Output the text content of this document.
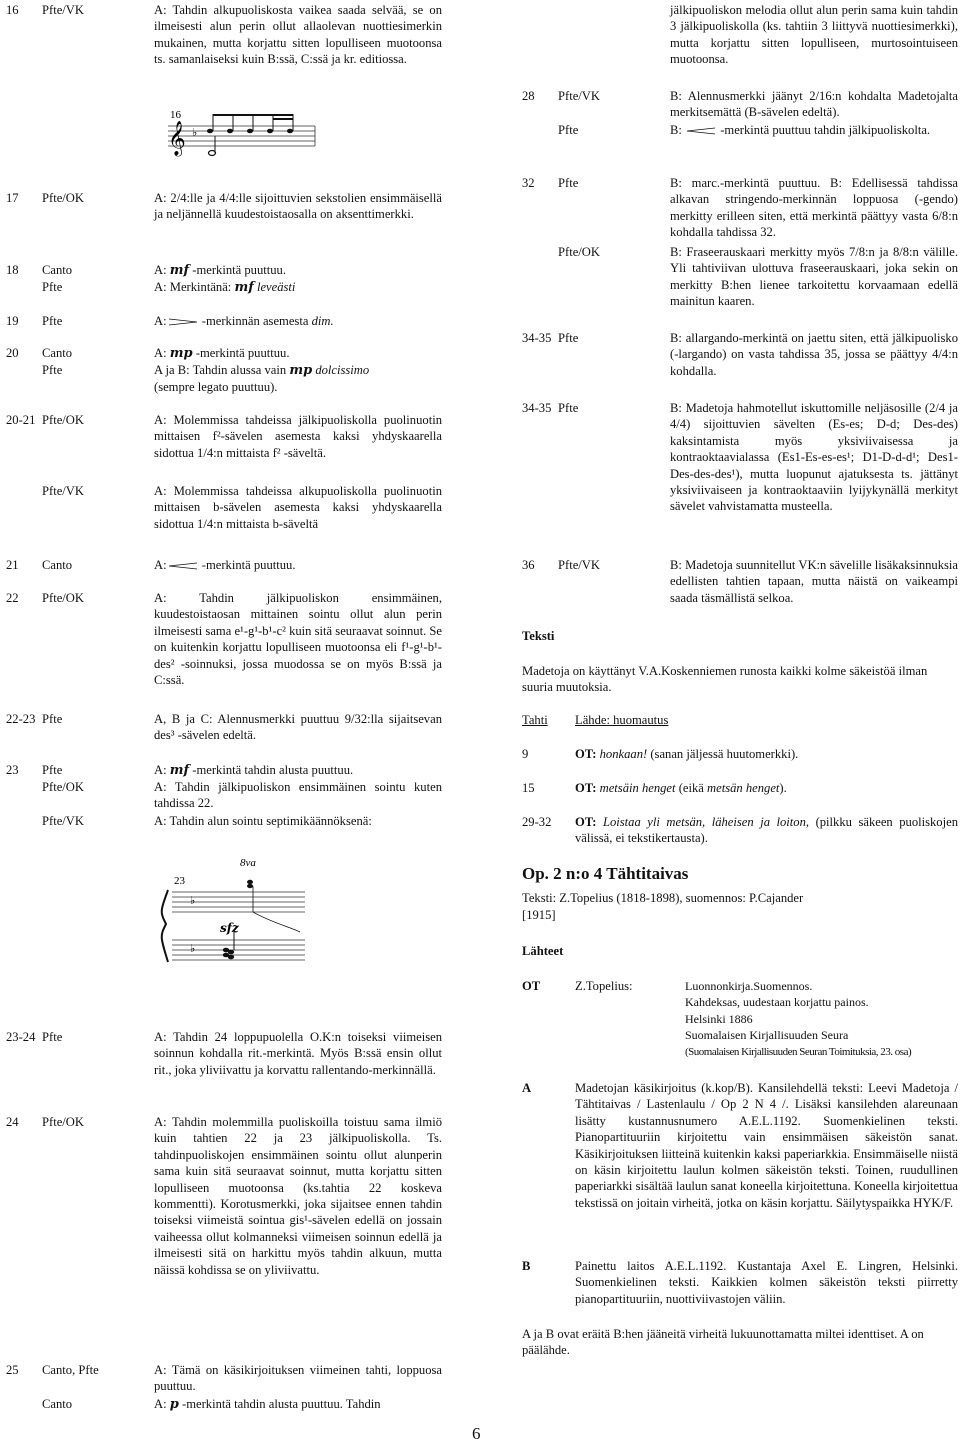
16	Pfte/VK	A: Tahdin alkupuoliskosta vaikea saada selvää, se on ilmeisesti alun perin ollut allaolevan nuottiesimerkin mukainen, mutta korjattu sitten lopulliseen muotoonsa ts. samanlaiseksi kuin B:ssä, C:ssä ja kr. editiossa.
16
𝄞 ♭
17	Pfte/OK	A: 2/4:lle ja 4/4:lle sijoittuvien sekstolien ensimmäisellä ja neljännellä kuudestoistaosalla on aksenttimerkki.
18	Canto	A: mf -merkintä puuttuu.
Pfte	A: Merkintänä: mf leveästi
19	Pfte	A:	-merkinnän asemesta dim.
20	Canto	A: mp -merkintä puuttuu.
Pfte	A ja B: Tahdin alussa vain mp dolcissimo
(sempre legato puuttuu).
20-21 Pfte/OK	A: Molemmissa tahdeissa jälkipuoliskolla puolinuotin mittaisen f²-sävelen asemesta kaksi yhdyskaarella sidottua 1/4:n mittaista f² -säveltä.
Pfte/VK	A: Molemmissa tahdeissa alkupuoliskolla puolinuotin mittaisen b-sävelen asemesta kaksi yhdyskaarella sidottua 1/4:n mittaista b-säveltä
21	Canto	A:	-merkintä puuttuu.
22	Pfte/OK	A: Tahdin jälkipuoliskon ensimmäinen, kuudestoistaosan mittainen sointu ollut alun perin ilmeisesti sama e¹-g¹-b¹-c² kuin sitä seuraavat soinnut. Se on kuitenkin korjattu lopulliseen muotoonsa eli f¹-g¹-b¹-des² -soinnuksi, jossa muodossa se on myös B:ssä ja C:ssä.
22-23 Pfte	A, B ja C: Alennusmerkki puuttuu 9/32:lla sijaitsevan des³ -sävelen edeltä.
23	Pfte	A: mf -merkintä tahdin alusta puuttuu.
Pfte/OK	A: Tahdin jälkipuoliskon ensimmäinen sointu kuten tahdissa 22.
Pfte/VK	A: Tahdin alun sointu septimikäännöksenä:
23
8va
♭
♭
sfz
23-24 Pfte	A: Tahdin 24 loppupuolella O.K:n toiseksi viimeisen soinnun kohdalla rit.-merkintä. Myös B:ssä ensin ollut rit., joka yliviivattu ja korvattu rallentando-merkinnällä.
24	Pfte/OK	A: Tahdin molemmilla puoliskoilla toistuu sama ilmiö kuin tahtien 22 ja 23 jälkipuoliskolla. Ts. tahdinpuoliskojen ensimmäinen sointu ollut alunperin sama kuin sitä seuraavat soinnut, mutta korjattu sitten lopulliseen muotoonsa (ks.tahtia 22 koskeva kommentti). Korotusmerkki, joka sijaitsee ennen tahdin toiseksi viimeistä sointua gis¹-sävelen edellä on jossain vaiheessa ollut kolmanneksi viimeisen soinnun edellä ja ilmeisesti sitä on harkittu myös tahdin alkuun, mutta näissä kohdissa se on yliviivattu.
25	Canto, Pfte	A: Tämä on käsikirjoituksen viimeinen tahti, loppuosa puuttuu.
Canto	A: p -merkintä tahdin alusta puuttuu. Tahdin
jälkipuoliskon melodia ollut alun perin sama kuin tahdin 3 jälkipuoliskolla (ks. tahtiin 3 liittyvä nuottiesimerkki), mutta korjattu sitten lopulliseen, murtosointuiseen muotoonsa.
28	Pfte/VK	B: Alennusmerkki jäänyt 2/16:n kohdalta Madetojalta merkitsemättä (B-sävelen edeltä).
Pfte	B:	-merkintä puuttuu tahdin jälkipuoliskolta.
32	Pfte	B: marc.-merkintä puuttuu. B: Edellisessä tahdissa alkavan stringendo-merkinnän loppuosa (-gendo) merkitty erilleen siten, että merkintä päättyy vasta 6/8:n kohdalla tahdissa 32.
Pfte/OK	B: Fraseerauskaari merkitty myös 7/8:n ja 8/8:n välille. Yli tahtiviivan ulottuva fraseerauskaari, joka sekin on merkitty B:hen lienee tarkoitettu korvaamaan edellä mainitun kaaren.
34-35 Pfte	B: allargando-merkintä on jaettu siten, että jälkipuolisko (-largando) on vasta tahdissa 35, jossa se päättyy 4/4:n kohdalla.
34-35 Pfte	B: Madetoja hahmotellut iskuttomille neljäsosille (2/4 ja 4/4) sijoittuvien sävelten (Es-es; D-d; Des-des) kaksintamista myös yksiviivaisessa ja kontraoktaavialassa (Es1-Es-es-es¹; D1-D-d-d¹; Des1-Des-des-des¹), mutta luopunut ajatuksesta ts. jättänyt yksiviivaiseen ja kontraoktaaviin lyijykynällä merkityt sävelet vahvistamatta musteella.
36	Pfte/VK	B: Madetoja suunnitellut VK:n sävelille lisäkaksinnuksia edellisten tahtien tapaan, mutta näistä on vaikeampi saada täsmällistä selkoa.
Teksti
Madetoja on käyttänyt V.A.Koskenniemen runosta kaikki kolme säkeistöä ilman suuria muutoksia.
Tahti	Lähde: huomautus
9	OT: honkaan! (sanan jäljessä huutomerkki).
15	OT: metsäin henget (eikä metsän henget).
29-32	OT: Loistaa yli metsän, läheisen ja loiton, (pilkku säkeen puoliskojen välissä, ei tekstikertausta).
Op. 2 n:o 4 Tähtitaivas
Teksti: Z.Topelius (1818-1898), suomennos: P.Cajander
[1915]
Lähteet
OT	Z.Topelius:	Luonnonkirja.Suomennos.
Kahdeksas, uudestaan korjattu painos.
Helsinki 1886
Suomalaisen Kirjallisuuden Seura
(Suomalaisen Kirjallisuuden Seuran Toimituksia, 23. osa)
A	Madetojan käsikirjoitus (k.kop/B). Kansilehdellä teksti: Leevi Madetoja / Tähtitaivas / Lastenlaulu / Op 2 N 4 /. Lisäksi kansilehden alareunaan lisätty kustannusnumero A.E.L.1192. Suomenkielinen teksti. Pianopartituuriin kirjoitettu vain ensimmäisen säkeistön sanat. Käsikirjoituksen liitteinä kuitenkin kaksi paperiarkkia. Ensimmäiselle niistä on käsin kirjoitettu laulun kolmen säkeistön teksti. Toinen, ruudullinen paperiarkki sisältää laulun sanat koneella kirjoitettuna. Koneella kirjoitettua tekstissä on joitain virheitä, jotka on käsin korjattu. Säilytyspaikka HYK/F.
B	Painettu laitos A.E.L.1192. Kustantaja Axel E. Lingren, Helsinki. Suomenkielinen teksti. Kaikkien kolmen säkeistön teksti piirretty pianopartituuriin, nuottiviivastojen väliin.
A ja B ovat eräitä B:hen jääneitä virheitä lukuunottamatta miltei identtiset. A on päälähde.
6
